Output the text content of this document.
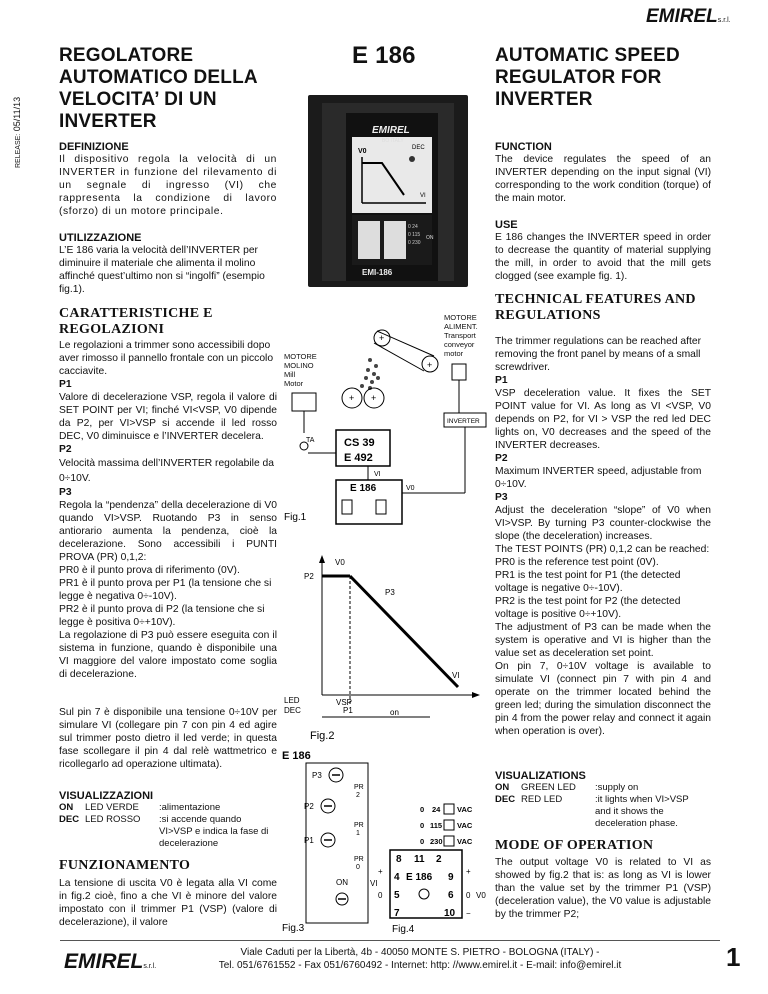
RELEASE: 05/11/13
REGOLATORE
AUTOMATICO DELLA
VELOCITA’ DI UN
INVERTER
E 186	AUTOMATIC SPEED
REGULATOR FOR
INVERTER
EMIRELs.r.l.
EMIREL
BO ITALY
V0	DEC
VI
0 24
0 115
0 230
EMI-186
ON

DEFINIZIONE

Il dispositivo regola la velocità di un INVERTER in funzione del rilevamento di un segnale di ingresso (VI) che rappresenta la condizione di lavoro (sforzo) di un motore principale.

UTILIZZAZIONE

L’E 186 varia la velocità dell’INVERTER per diminuire il materiale che alimenta il molino affinché quest’ultimo non si “ingolfi” (esempio fig.1).

CARATTERISTICHE E REGOLAZIONI

Le regolazioni a trimmer sono accessibili dopo aver rimosso il pannello frontale con un piccolo cacciavite.

P1

Valore di decelerazione VSP, regola il valore di SET POINT per VI; finché VI<VSP, V0 dipende da P2, per VI>VSP si accende il led rosso DEC, V0 diminuisce e l’INVERTER decelera.

P2

Velocità massima dell’INVERTER regolabile da 0÷10V.

P3

Regola la “pendenza” della decelerazione di V0 quando VI>VSP. Ruotando P3 in senso antiorario aumenta la pendenza, cioè la decelerazione. Sono accessibili i PUNTI PROVA (PR) 0,1,2:

PR0 è il punto prova di riferimento (0V).

PR1 è il punto prova per P1 (la tensione che si legge è negativa 0÷-10V).

PR2 è il punto prova di P2 (la tensione che si legge è positiva 0÷+10V).

La regolazione di P3 può essere eseguita con il sistema in funzione, quando è disponibile una VI maggiore del valore impostato come soglia di decelerazione.

Sul pin 7 è disponibile una tensione 0÷10V per simulare VI (collegare pin 7 con pin 4 ed agire sul trimmer posto dietro il led verde; in questa fase scollegare il pin 4 dal relè wattmetrico e ricollegarlo ad operazione ultimata).

VISUALIZZAZIONI

ON LED VERDE :alimentazione
DEC LED ROSSO	:si accende quando VI>VSP e indica la fase di decelerazione
FUNZIONAMENTO

La tensione di uscita V0 è legata alla VI come in fig.2 cioè, fino a che VI è minore del valore impostato con il trimmer P1 (VSP) (valore di decelerazione), il valore

FUNCTION

The device regulates the speed of an INVERTER depending on the input signal (VI) corresponding to the work condition (torque) of the main motor.

USE

E 186 changes the INVERTER speed in order to decrease the quantity of material supplying the mill, in order to avoid that the mill gets clogged (see example fig. 1).

TECHNICAL FEATURES AND REGULATIONS

The trimmer regulations can be reached after removing the front panel by means of a small screwdriver.

P1

VSP deceleration value. It fixes the SET POINT value for VI. As long as VI <VSP, V0 depends on P2, for VI > VSP the red led DEC lights on, V0 decreases and the speed of the INVERTER decreases.

P2

Maximum INVERTER speed, adjustable from 0÷10V.

P3

Adjust the deceleration “slope” of V0 when VI>VSP. By turning P3 counter-clockwise the slope (the deceleration) increases.

The TEST POINTS (PR) 0,1,2 can be reached:

PR0 is the reference test point (0V).

PR1 is the test point for P1 (the detected voltage is negative 0÷-10V).

PR2 is the test point for P2 (the detected voltage is positive 0÷+10V).

The adjustment of P3 can be made when the system is operative and VI is higher than the value set as deceleration set point.

On pin 7, 0÷10V voltage is available to simulate VI (connect pin 7 with pin 4 and operate on the trimmer located behind the green led; during the simulation disconnect the pin 4 from the power relay and connect it again when operation is over).

VISUALIZATIONS

ON GREEN LED :supply on
DEC RED LED	:it lights when VI>VSP and it shows the deceleration phase.
MODE OF OPERATION

The output voltage V0 is related to VI as showed by fig.2 that is: as long as VI is lower than the value set by the trimmer P1 (VSP) (deceleration value), the V0 value is adjustable by the trimmer P2;

MOTORE
MOLINO
Mill
Motor
MOTORE
ALIMENT.
Transport
conveyor
motor
+
+
+ +
TA
INVERTER
CS 39
E 492
E 186
VI
V0
Fig.1
V0
P2
P3
VI
VSP
P1	on
LED
DEC
Fig.2
E 186
P3
PR
2
P2
PR
1
P1
PR
0
ON
Fig.3
0 24 VAC
0 115 VAC
0 230 VAC
8 11 2
4
5
7
9
6
10
E 186
+
VI
0
+
0 V0
−
Fig.4
EMIRELs.r.l.
Viale Caduti per la Libertà, 4b - 40050 MONTE S. PIETRO - BOLOGNA (ITALY) -
Tel. 051/6761552 - Fax 051/6760492 - Internet: http: //www.emirel.it - E-mail: info@emirel.it	1
